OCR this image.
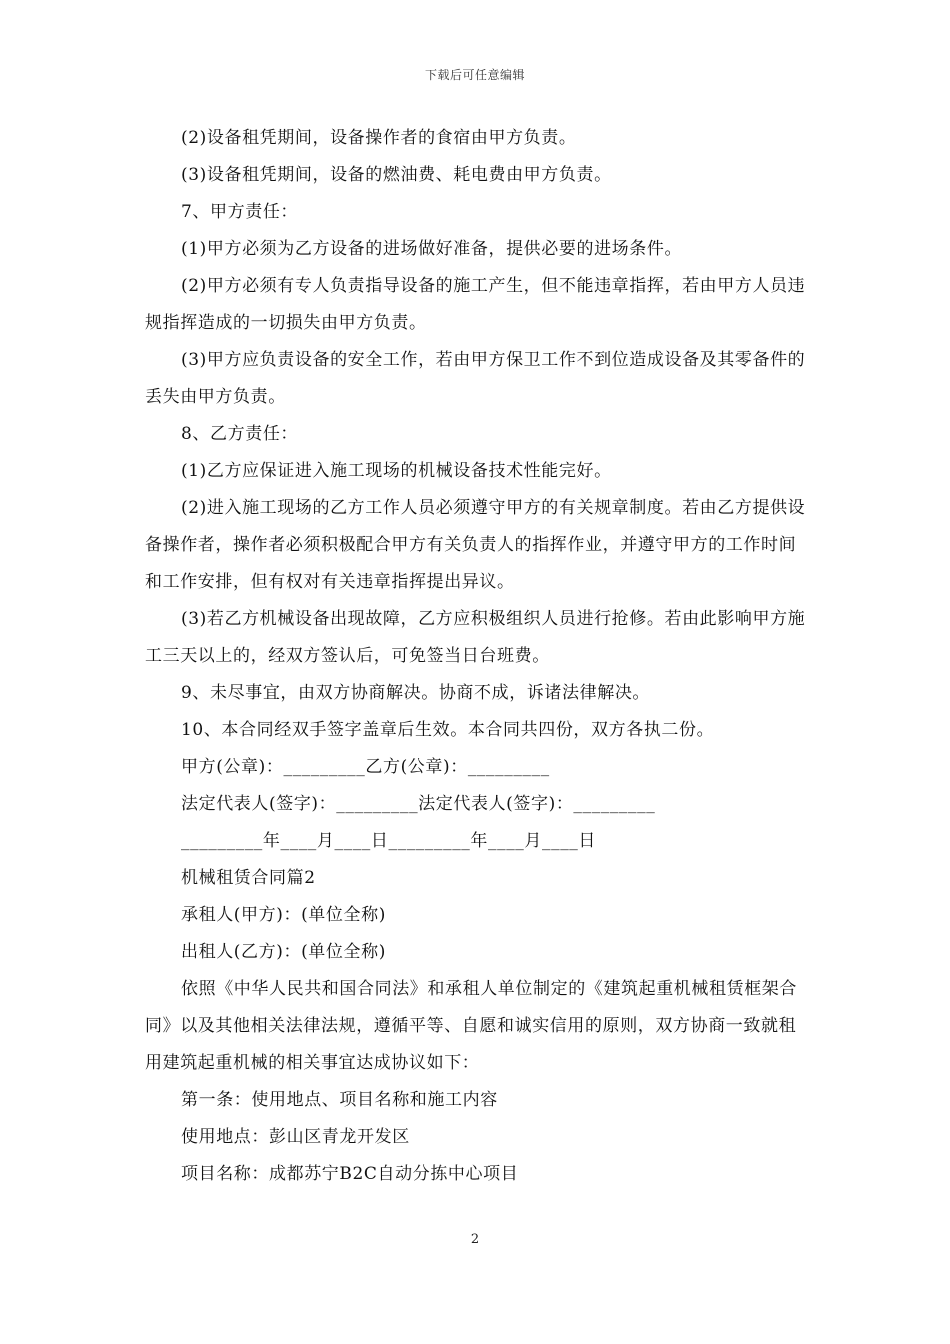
下载后可任意编辑

(2)设备租凭期间，设备操作者的食宿由甲方负责。

(3)设备租凭期间，设备的燃油费、耗电费由甲方负责。

7、甲方责任：

(1)甲方必须为乙方设备的进场做好准备，提供必要的进场条件。

(2)甲方必须有专人负责指导设备的施工产生，但不能违章指挥，若由甲方人员违规指挥造成的一切损失由甲方负责。

(3)甲方应负责设备的安全工作，若由甲方保卫工作不到位造成设备及其零备件的丢失由甲方负责。

8、乙方责任：

(1)乙方应保证进入施工现场的机械设备技术性能完好。

(2)进入施工现场的乙方工作人员必须遵守甲方的有关规章制度。若由乙方提供设备操作者，操作者必须积极配合甲方有关负责人的指挥作业，并遵守甲方的工作时间和工作安排，但有权对有关违章指挥提出异议。

(3)若乙方机械设备出现故障，乙方应积极组织人员进行抢修。若由此影响甲方施工三天以上的，经双方签认后，可免签当日台班费。

9、未尽事宜，由双方协商解决。协商不成，诉诸法律解决。

10、本合同经双手签字盖章后生效。本合同共四份，双方各执二份。

甲方(公章)：_________乙方(公章)：_________

法定代表人(签字)：_________法定代表人(签字)：_________

_________年____月____日_________年____月____日

机械租赁合同篇2

承租人(甲方)：(单位全称)

出租人(乙方)：(单位全称)

依照《中华人民共和国合同法》和承租人单位制定的《建筑起重机械租赁框架合同》以及其他相关法律法规，遵循平等、自愿和诚实信用的原则，双方协商一致就租用建筑起重机械的相关事宜达成协议如下：

第一条：使用地点、项目名称和施工内容

使用地点：彭山区青龙开发区

项目名称：成都苏宁B2C自动分拣中心项目

2
